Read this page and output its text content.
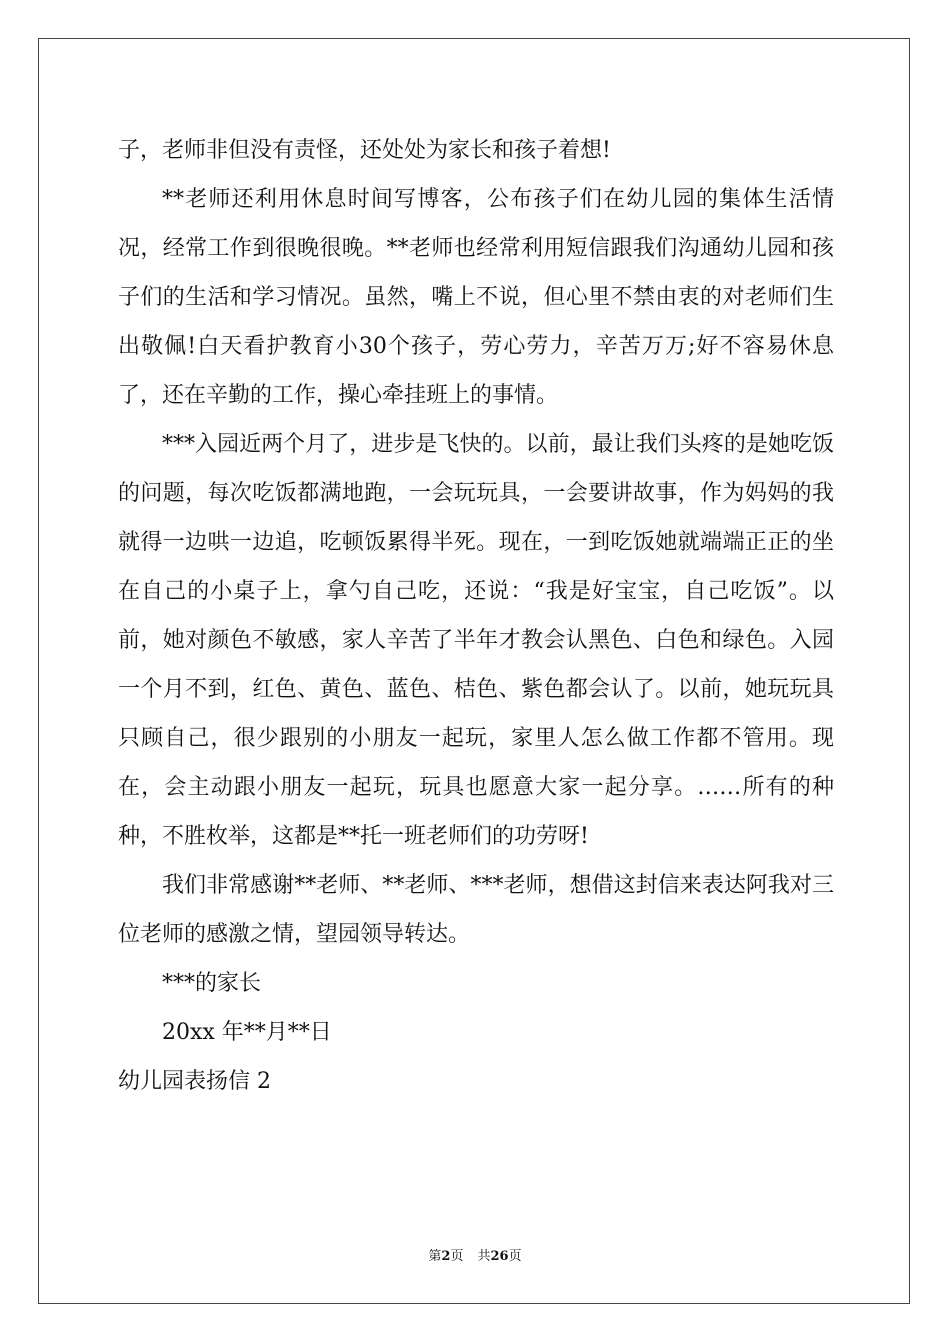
子，老师非但没有责怪，还处处为家长和孩子着想!

**老师还利用休息时间写博客，公布孩子们在幼儿园的集体生活情况，经常工作到很晚很晚。**老师也经常利用短信跟我们沟通幼儿园和孩子们的生活和学习情况。虽然，嘴上不说，但心里不禁由衷的对老师们生出敬佩!白天看护教育小30个孩子，劳心劳力，辛苦万万;好不容易休息了，还在辛勤的工作，操心牵挂班上的事情。

***入园近两个月了，进步是飞快的。以前，最让我们头疼的是她吃饭的问题，每次吃饭都满地跑，一会玩玩具，一会要讲故事，作为妈妈的我就得一边哄一边追，吃顿饭累得半死。现在，一到吃饭她就端端正正的坐在自己的小桌子上，拿勺自己吃，还说：“我是好宝宝，自己吃饭”。以前，她对颜色不敏感，家人辛苦了半年才教会认黑色、白色和绿色。入园一个月不到，红色、黄色、蓝色、桔色、紫色都会认了。以前，她玩玩具只顾自己，很少跟别的小朋友一起玩，家里人怎么做工作都不管用。现在，会主动跟小朋友一起玩，玩具也愿意大家一起分享。……所有的种种，不胜枚举，这都是**托一班老师们的功劳呀!

我们非常感谢**老师、**老师、***老师，想借这封信来表达阿我对三位老师的感激之情，望园领导转达。

***的家长

20xx 年**月**日

幼儿园表扬信 2

第2页 共26页
